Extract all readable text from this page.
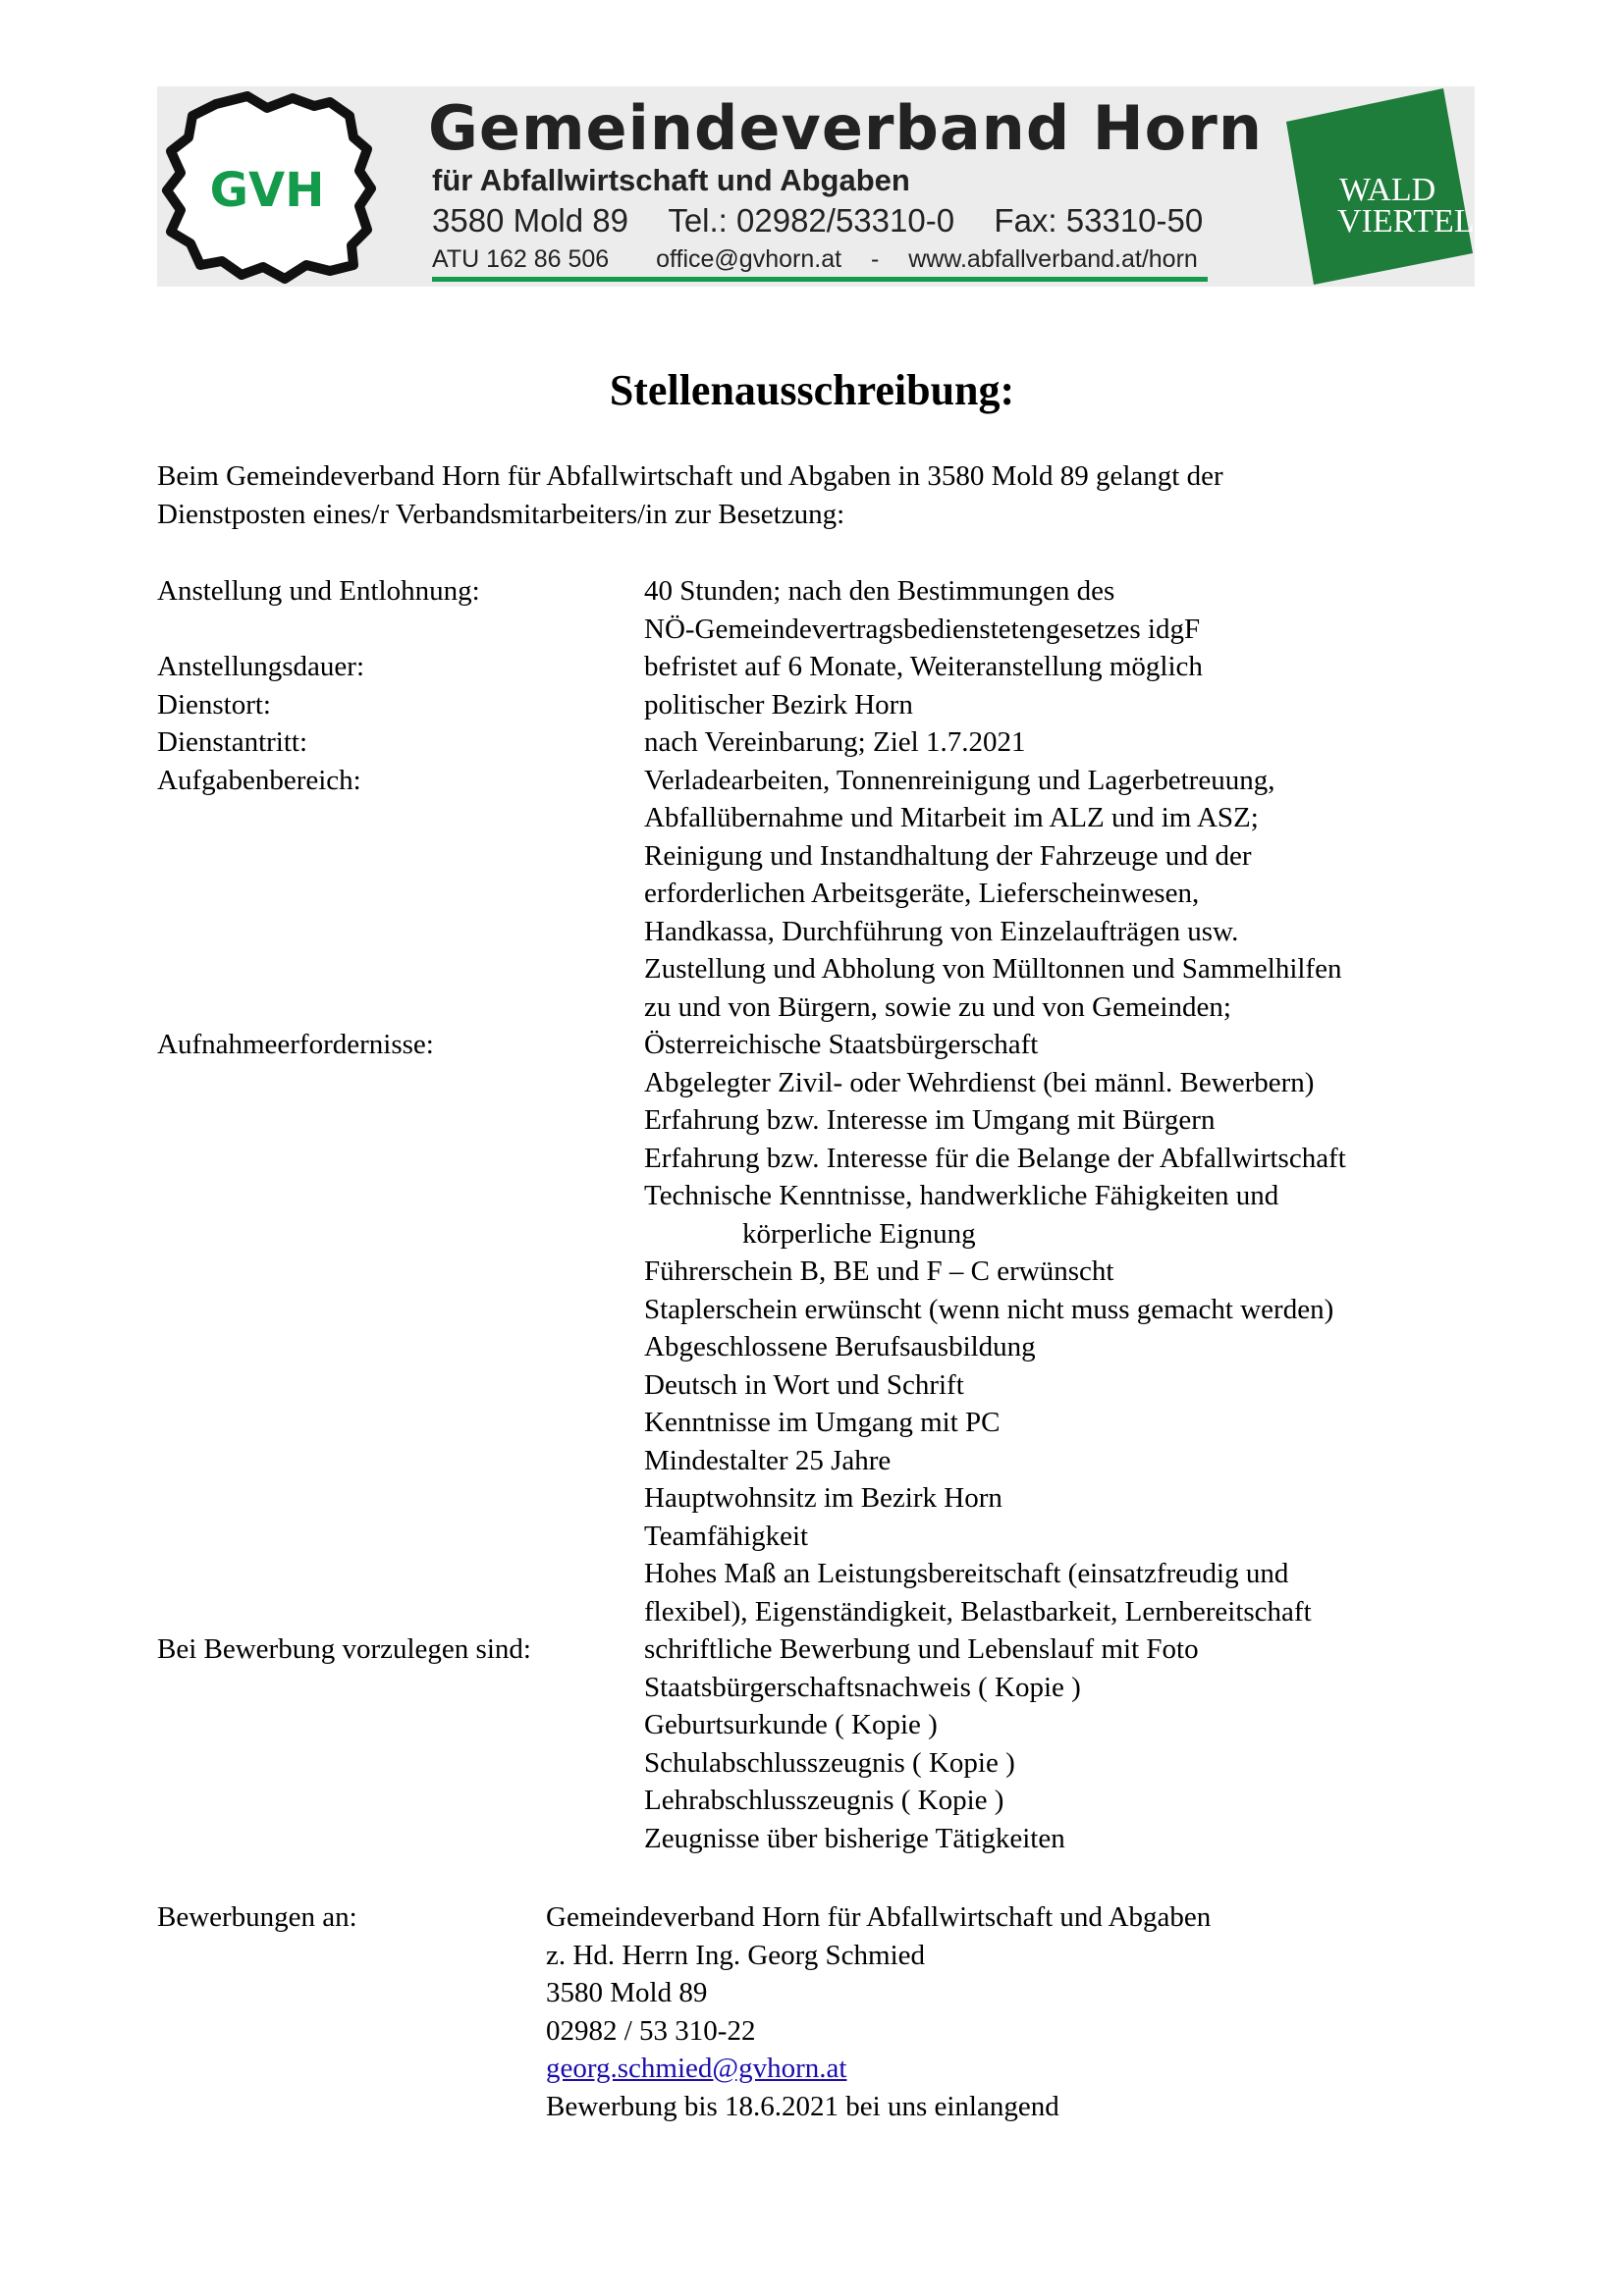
GVH
Gemeindeverband Horn
für Abfallwirtschaft und Abgaben
3580 Mold 89 Tel.: 02982/53310-0 Fax: 53310-50
ATU 162 86 506 office@gvhorn.at - www.abfallverband.at/horn
WALD
VIERTEL
Stellenausschreibung:
Beim Gemeindeverband Horn für Abfallwirtschaft und Abgaben in 3580 Mold 89 gelangt der
Dienstposten eines/r Verbandsmitarbeiters/in zur Besetzung:
Anstellung und Entlohnung:	40 Stunden; nach den Bestimmungen des
NÖ-Gemeindevertragsbedienstetengesetzes idgF
Anstellungsdauer:	befristet auf 6 Monate, Weiteranstellung möglich
Dienstort:	politischer Bezirk Horn
Dienstantritt:	nach Vereinbarung; Ziel 1.7.2021
Aufgabenbereich:	Verladearbeiten, Tonnenreinigung und Lagerbetreuung,
Abfallübernahme und Mitarbeit im ALZ und im ASZ;
Reinigung und Instandhaltung der Fahrzeuge und der
erforderlichen Arbeitsgeräte, Lieferscheinwesen,
Handkassa, Durchführung von Einzelaufträgen usw.
Zustellung und Abholung von Mülltonnen und Sammelhilfen
zu und von Bürgern, sowie zu und von Gemeinden;
Aufnahmeerfordernisse:	Österreichische Staatsbürgerschaft
Abgelegter Zivil- oder Wehrdienst (bei männl. Bewerbern)
Erfahrung bzw. Interesse im Umgang mit Bürgern
Erfahrung bzw. Interesse für die Belange der Abfallwirtschaft
Technische Kenntnisse, handwerkliche Fähigkeiten und
körperliche Eignung
Führerschein B, BE und F – C erwünscht
Staplerschein erwünscht (wenn nicht muss gemacht werden)
Abgeschlossene Berufsausbildung
Deutsch in Wort und Schrift
Kenntnisse im Umgang mit PC
Mindestalter 25 Jahre
Hauptwohnsitz im Bezirk Horn
Teamfähigkeit
Hohes Maß an Leistungsbereitschaft (einsatzfreudig und
flexibel), Eigenständigkeit, Belastbarkeit, Lernbereitschaft
Bei Bewerbung vorzulegen sind:	schriftliche Bewerbung und Lebenslauf mit Foto
Staatsbürgerschaftsnachweis ( Kopie )
Geburtsurkunde ( Kopie )
Schulabschlusszeugnis ( Kopie )
Lehrabschlusszeugnis ( Kopie )
Zeugnisse über bisherige Tätigkeiten
Bewerbungen an:	Gemeindeverband Horn für Abfallwirtschaft und Abgaben
z. Hd. Herrn Ing. Georg Schmied
3580 Mold 89
02982 / 53 310-22
georg.schmied@gvhorn.at
Bewerbung bis 18.6.2021 bei uns einlangend
